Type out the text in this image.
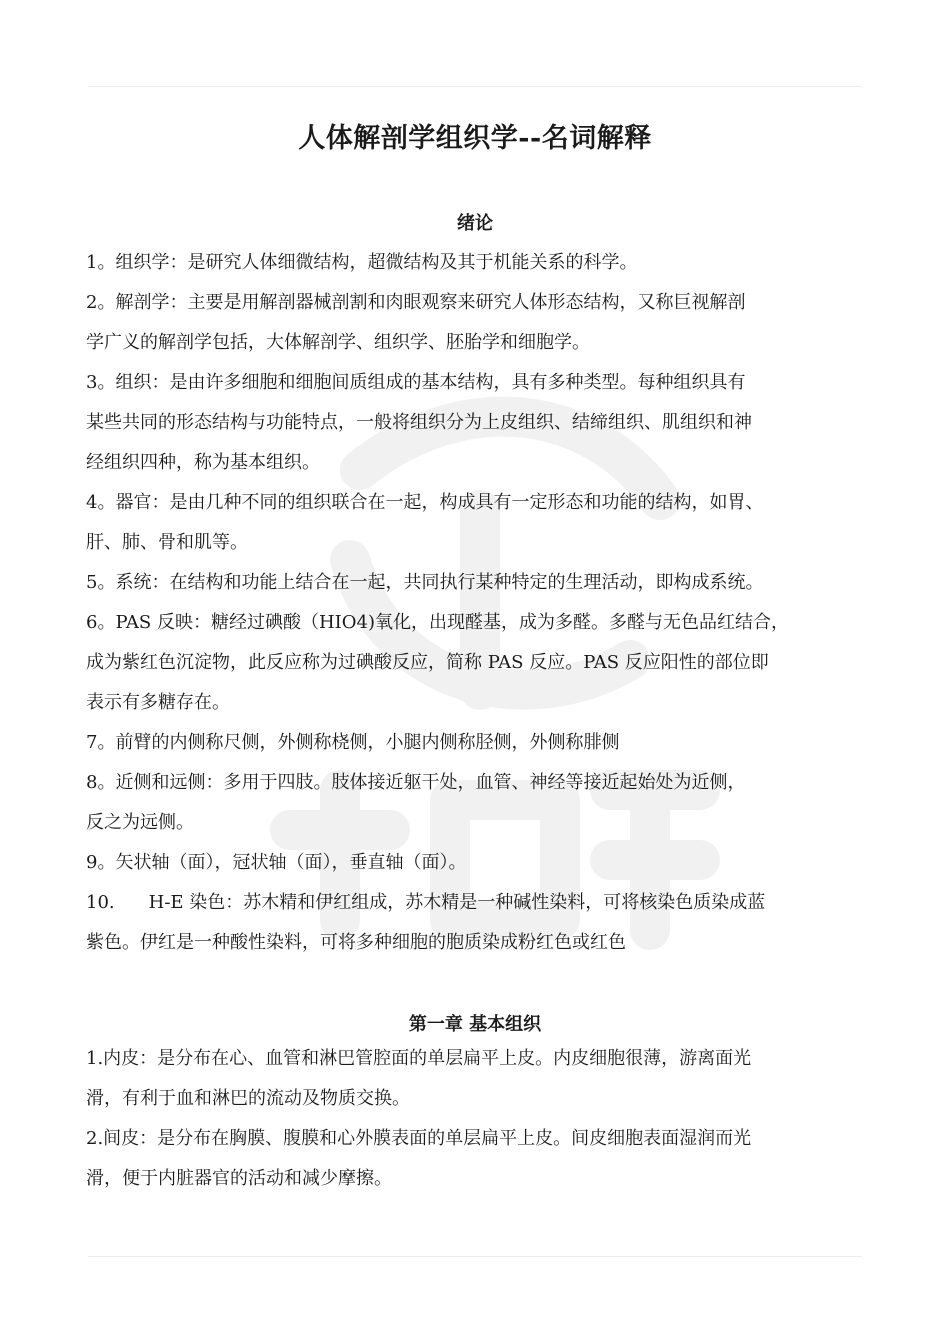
人体解剖学组织学--名词解释
绪论
1。组织学：是研究人体细微结构，超微结构及其于机能关系的科学。
2。解剖学：主要是用解剖器械剖割和肉眼观察来研究人体形态结构，又称巨视解剖
学广义的解剖学包括，大体解剖学、组织学、胚胎学和细胞学。
3。组织：是由许多细胞和细胞间质组成的基本结构，具有多种类型。每种组织具有
某些共同的形态结构与功能特点，一般将组织分为上皮组织、结缔组织、肌组织和神
经组织四种，称为基本组织。
4。器官：是由几种不同的组织联合在一起，构成具有一定形态和功能的结构，如胃、
肝、肺、骨和肌等。
5。系统：在结构和功能上结合在一起，共同执行某种特定的生理活动，即构成系统。
6。PAS 反映：糖经过碘酸（HIO4)氧化，出现醛基，成为多醛。多醛与无色品红结合，
成为紫红色沉淀物，此反应称为过碘酸反应，简称 PAS 反应。PAS 反应阳性的部位即
表示有多糖存在。
7。前臂的内侧称尺侧，外侧称桡侧，小腿内侧称胫侧，外侧称腓侧
8。近侧和远侧：多用于四肢。肢体接近躯干处，血管、神经等接近起始处为近侧，
反之为远侧。
9。矢状轴（面），冠状轴（面），垂直轴（面）。
10. H-E 染色：苏木精和伊红组成，苏木精是一种碱性染料，可将核染色质染成蓝
紫色。伊红是一种酸性染料，可将多种细胞的胞质染成粉红色或红色
第一章 基本组织
1.内皮：是分布在心、血管和淋巴管腔面的单层扁平上皮。内皮细胞很薄，游离面光
滑，有利于血和淋巴的流动及物质交换。
2.间皮：是分布在胸膜、腹膜和心外膜表面的单层扁平上皮。间皮细胞表面湿润而光
滑，便于内脏器官的活动和减少摩擦。
